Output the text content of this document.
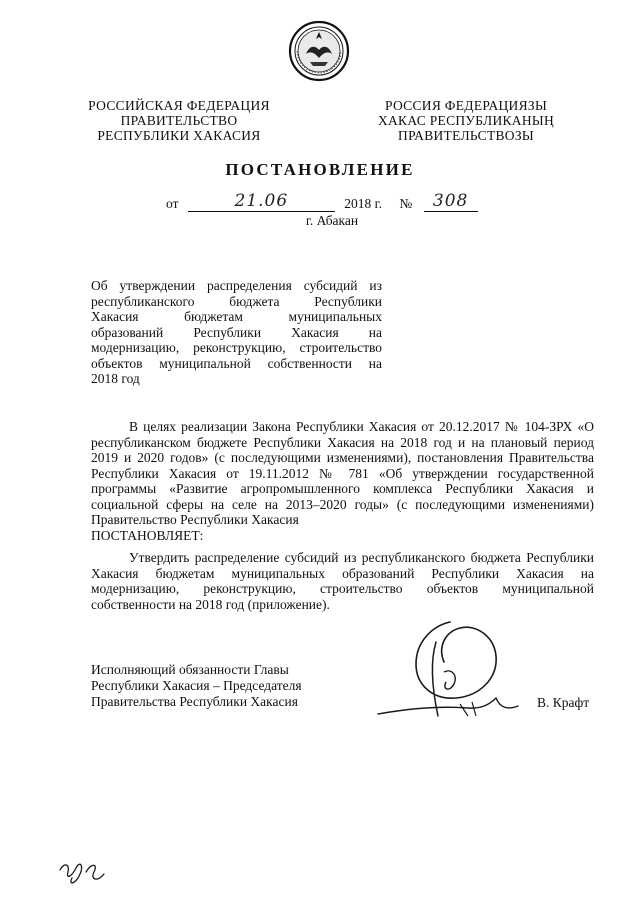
РОССИЙСКАЯ ФЕДЕРАЦИЯ
ПРАВИТЕЛЬСТВО
РЕСПУБЛИКИ ХАКАСИЯ
РОССИЯ ФЕДЕРАЦИЯЗЫ
ХАКАС РЕСПУБЛИКАНЫҢ
ПРАВИТЕЛЬСТВОЗЫ
ПОСТАНОВЛЕНИЕ
от	21.06	2018 г. №	308
г. Абакан

Об утверждении распределения субсидий из

республиканского бюджета Республики

Хакасия бюджетам муниципальных

образований Республики Хакасия на

модернизацию, реконструкцию, строительство

объектов муниципальной собственности на

2018 год

В целях реализации Закона Республики Хакасия от 20.12.2017 № 104-ЗРХ «О республиканском бюджете Республики Хакасия на 2018 год и на плановый период 2019 и 2020 годов» (с последующими изменениями), постановления Правительства Республики Хакасия от 19.11.2012 № 781 «Об утверждении государственной программы «Развитие агропромышленного комплекса Республики Хакасия и социальной сферы на селе на 2013–2020 годы» (с последующими изменениями) Правительство Республики Хакасия

ПОСТАНОВЛЯЕТ:

Утвердить распределение субсидий из республиканского бюджета Республики Хакасия бюджетам муниципальных образований Республики Хакасия на модернизацию, реконструкцию, строительство объектов муниципальной собственности на 2018 год (приложение).

Исполняющий обязанности Главы
Республики Хакасия – Председателя
Правительства Республики Хакасия	В. Крафт
